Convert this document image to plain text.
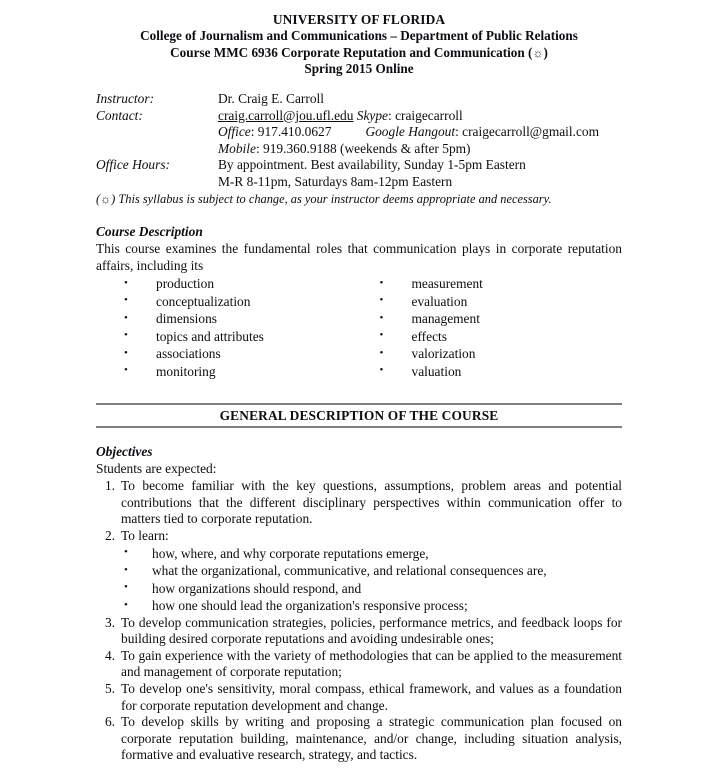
UNIVERSITY OF FLORIDA
College of Journalism and Communications – Department of Public Relations
Course MMC 6936 Corporate Reputation and Communication (☼)
Spring 2015 Online
Instructor:	Dr. Craig E. Carroll

Contact:	craig.carroll@jou.ufl.edu Skype: craigecarroll
Office: 917.410.0627 Google Hangout: craigecarroll@gmail.com
Mobile: 919.360.9188 (weekends & after 5pm)

Office Hours:	By appointment. Best availability, Sunday 1-5pm Eastern
M-R 8-11pm, Saturdays 8am-12pm Eastern
(☼) This syllabus is subject to change, as your instructor deems appropriate and necessary.
Course Description
This course examines the fundamental roles that communication plays in corporate reputation affairs, including its
• production
• conceptualization
• dimensions
• topics and attributes
• associations
• monitoring
• measurement
• evaluation
• management
• effects
• valorization
• valuation
GENERAL DESCRIPTION OF THE COURSE
Objectives
Students are expected:
1. To become familiar with the key questions, assumptions, problem areas and potential contributions that the different disciplinary perspectives within communication offer to matters tied to corporate reputation.
2. To learn:
• how, where, and why corporate reputations emerge,
• what the organizational, communicative, and relational consequences are,
• how organizations should respond, and
• how one should lead the organization's responsive process;
3. To develop communication strategies, policies, performance metrics, and feedback loops for building desired corporate reputations and avoiding undesirable ones;
4. To gain experience with the variety of methodologies that can be applied to the measurement and management of corporate reputation;
5. To develop one's sensitivity, moral compass, ethical framework, and values as a foundation for corporate reputation development and change.
6. To develop skills by writing and proposing a strategic communication plan focused on corporate reputation building, maintenance, and/or change, including situation analysis, formative and evaluative research, strategy, and tactics.
